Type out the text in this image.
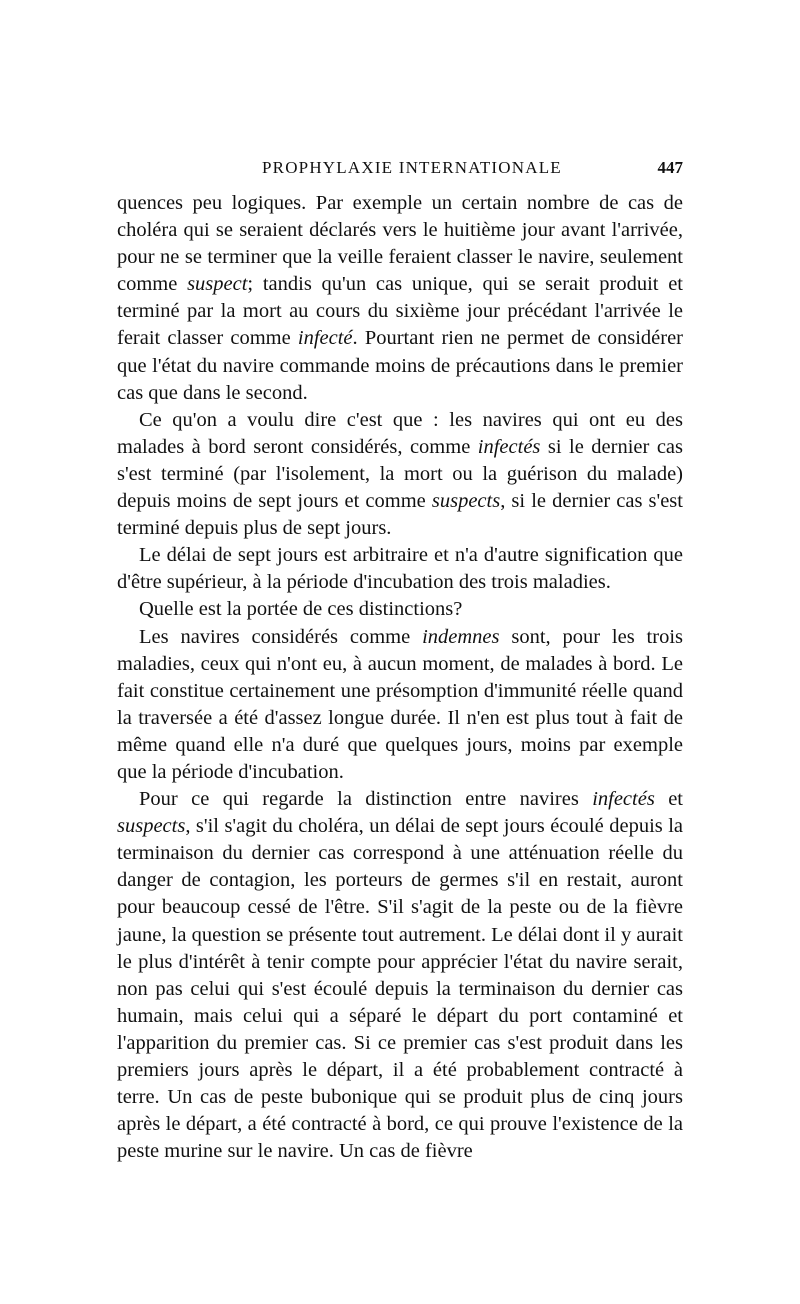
PROPHYLAXIE INTERNATIONALE	447

quences peu logiques. Par exemple un certain nombre de cas de choléra qui se seraient déclarés vers le huitième jour avant l'arrivée, pour ne se terminer que la veille feraient classer le navire, seulement comme suspect; tandis qu'un cas unique, qui se serait produit et terminé par la mort au cours du sixième jour précédant l'arrivée le ferait classer comme infecté. Pourtant rien ne permet de considérer que l'état du navire commande moins de précautions dans le premier cas que dans le second.

Ce qu'on a voulu dire c'est que : les navires qui ont eu des malades à bord seront considérés, comme infectés si le dernier cas s'est terminé (par l'isolement, la mort ou la guérison du malade) depuis moins de sept jours et comme suspects, si le dernier cas s'est terminé depuis plus de sept jours.

Le délai de sept jours est arbitraire et n'a d'autre signification que d'être supérieur, à la période d'incubation des trois maladies.

Quelle est la portée de ces distinctions?

Les navires considérés comme indemnes sont, pour les trois maladies, ceux qui n'ont eu, à aucun moment, de malades à bord. Le fait constitue certainement une présomption d'immunité réelle quand la traversée a été d'assez longue durée. Il n'en est plus tout à fait de même quand elle n'a duré que quelques jours, moins par exemple que la période d'incubation.

Pour ce qui regarde la distinction entre navires infectés et suspects, s'il s'agit du choléra, un délai de sept jours écoulé depuis la terminaison du dernier cas correspond à une atténuation réelle du danger de contagion, les porteurs de germes s'il en restait, auront pour beaucoup cessé de l'être. S'il s'agit de la peste ou de la fièvre jaune, la question se présente tout autrement. Le délai dont il y aurait le plus d'intérêt à tenir compte pour apprécier l'état du navire serait, non pas celui qui s'est écoulé depuis la terminaison du dernier cas humain, mais celui qui a séparé le départ du port contaminé et l'apparition du premier cas. Si ce premier cas s'est produit dans les premiers jours après le départ, il a été probablement contracté à terre. Un cas de peste bubonique qui se produit plus de cinq jours après le départ, a été contracté à bord, ce qui prouve l'existence de la peste murine sur le navire. Un cas de fièvre
